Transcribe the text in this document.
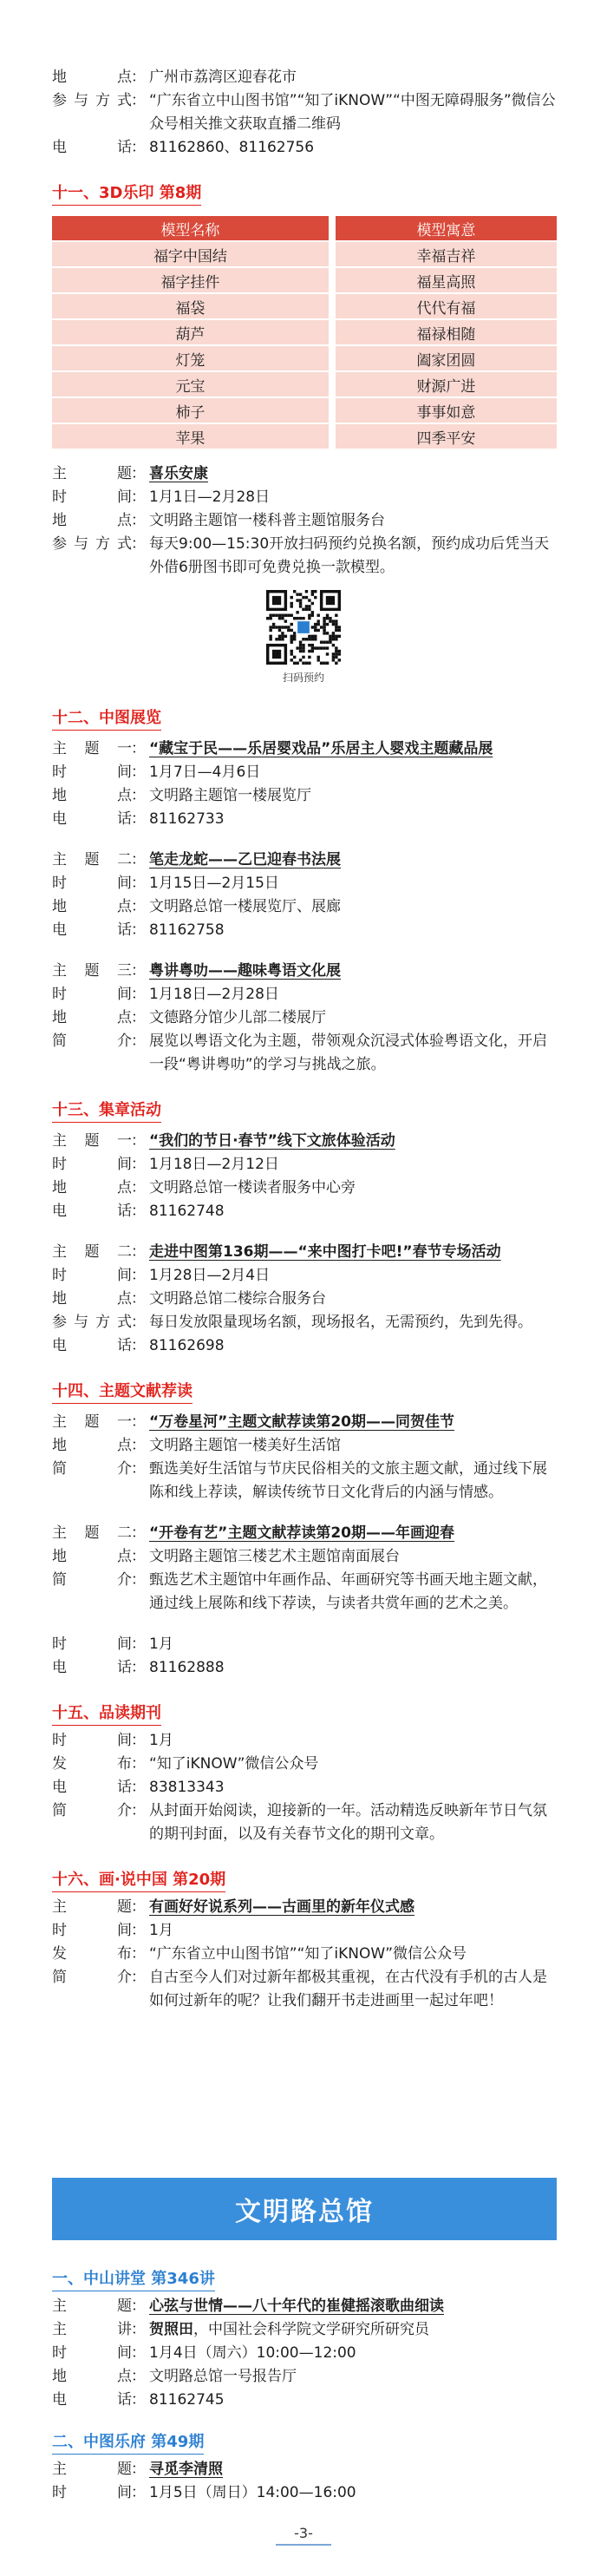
地 点 ：	广州市荔湾区迎春花市
参与方式 ：	“广东省立中山图书馆”“知了iKNOW”“中图无障碍服务”微信公众号相关推文获取直播二维码
电 话 ：	81162860、81162756
十一、3D乐印 第8期
模型名称		模型寓意
福字中国结		幸福吉祥
福字挂件		福星高照
福袋		代代有福
葫芦		福禄相随
灯笼		阖家团圆
元宝		财源广进
柿子		事事如意
苹果		四季平安
主 题 ：	喜乐安康
时 间 ：	1月1日—2月28日
地 点 ：	文明路主题馆一楼科普主题馆服务台
参与方式 ：	每天9:00—15:30开放扫码预约兑换名额，预约成功后凭当天外借6册图书即可免费兑换一款模型。
扫码预约
十二、中图展览
主 题 一 ：	“藏宝于民——乐居婴戏品”乐居主人婴戏主题藏品展
时 间 ：	1月7日—4月6日
地 点 ：	文明路主题馆一楼展览厅
电 话 ：	81162733
主 题 二 ：	笔走龙蛇——乙巳迎春书法展
时 间 ：	1月15日—2月15日
地 点 ：	文明路总馆一楼展览厅、展廊
电 话 ：	81162758
主 题 三 ：	粤讲粤叻——趣味粤语文化展
时 间 ：	1月18日—2月28日
地 点 ：	文德路分馆少儿部二楼展厅
简 介 ：	展览以粤语文化为主题，带领观众沉浸式体验粤语文化，开启一段“粤讲粤叻”的学习与挑战之旅。
十三、集章活动
主 题 一 ：	“我们的节日·春节”线下文旅体验活动
时 间 ：	1月18日—2月12日
地 点 ：	文明路总馆一楼读者服务中心旁
电 话 ：	81162748
主 题 二 ：	走进中图第136期——“来中图打卡吧!”春节专场活动
时 间 ：	1月28日—2月4日
地 点 ：	文明路总馆二楼综合服务台
参与方式 ：	每日发放限量现场名额，现场报名，无需预约，先到先得。
电 话 ：	81162698
十四、主题文献荐读
主 题 一 ：	“万卷星河”主题文献荐读第20期——同贺佳节
地 点 ：	文明路主题馆一楼美好生活馆
简 介 ：	甄选美好生活馆与节庆民俗相关的文旅主题文献，通过线下展陈和线上荐读，解读传统节日文化背后的内涵与情感。
主 题 二 ：	“开卷有艺”主题文献荐读第20期——年画迎春
地 点 ：	文明路主题馆三楼艺术主题馆南面展台
简 介 ：	甄选艺术主题馆中年画作品、年画研究等书画天地主题文献，通过线上展陈和线下荐读，与读者共赏年画的艺术之美。
时 间 ：	1月
电 话 ：	81162888
十五、品读期刊
时 间 ：	1月
发 布 ：	“知了iKNOW”微信公众号
电 话 ：	83813343
简 介 ：	从封面开始阅读，迎接新的一年。活动精选反映新年节日气氛的期刊封面，以及有关春节文化的期刊文章。
十六、画·说中国 第20期
主 题 ：	有画好好说系列——古画里的新年仪式感
时 间 ：	1月
发 布 ：	“广东省立中山图书馆”“知了iKNOW”微信公众号
简 介 ：	自古至今人们对过新年都极其重视，在古代没有手机的古人是如何过新年的呢？让我们翻开书走进画里一起过年吧！
文明路总馆
一、中山讲堂 第346讲
主 题 ：	心弦与世情——八十年代的崔健摇滚歌曲细读
主 讲 ：	贺照田，中国社会科学院文学研究所研究员
时 间 ：	1月4日（周六）10:00—12:00
地 点 ：	文明路总馆一号报告厅
电 话 ：	81162745
二、中图乐府 第49期
主 题 ：	寻觅李清照
时 间 ：	1月5日（周日）14:00—16:00
-3-
